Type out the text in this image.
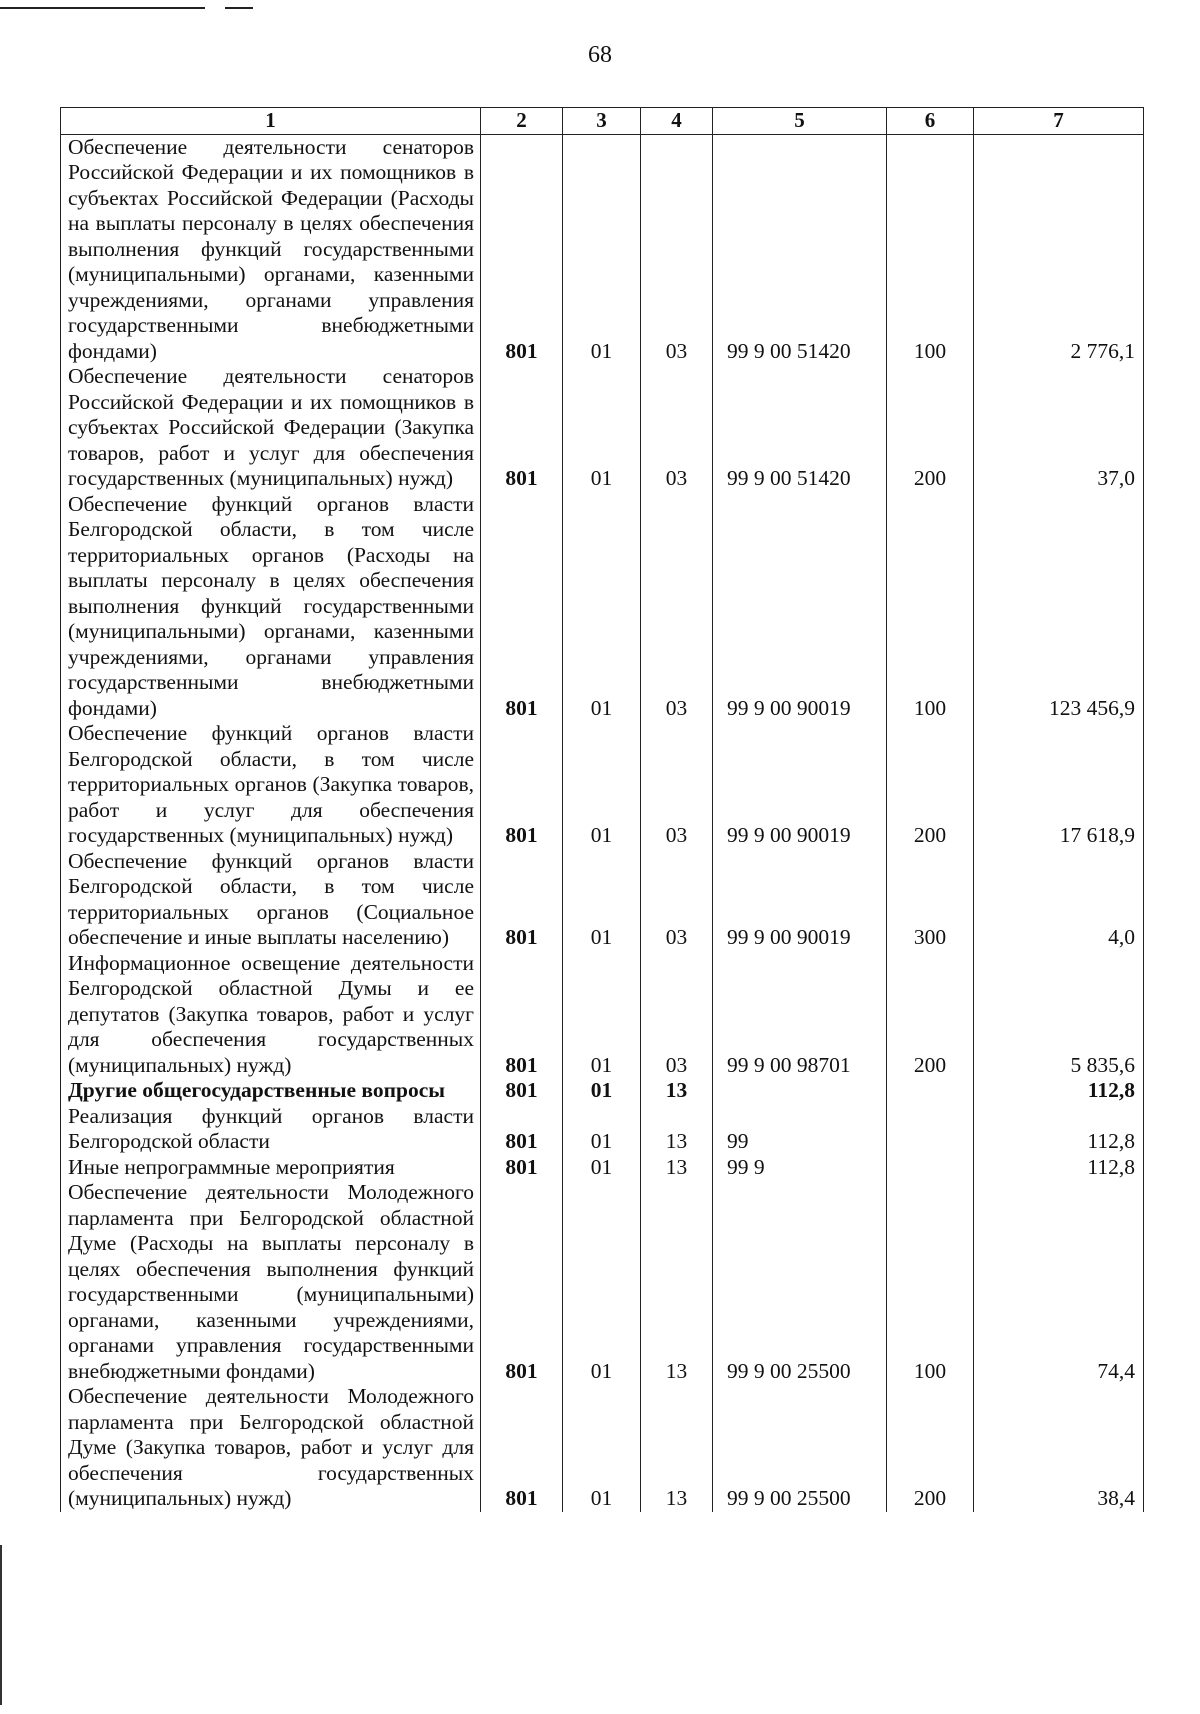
68
1	2	3	4	5	6	7
Обеспечение деятельности сенаторов Российской Федерации и их помощников в субъектах Российской Федерации (Расходы на выплаты персоналу в целях обеспечения выполнения функций государственными (муниципальными) органами, казенными учреждениями, органами управления государственными внебюджетными фондами)	801	01	03	99 9 00 51420	100	2 776,1
Обеспечение деятельности сенаторов Российской Федерации и их помощников в субъектах Российской Федерации (Закупка товаров, работ и услуг для обеспечения государственных (муниципальных) нужд)	801	01	03	99 9 00 51420	200	37,0
Обеспечение функций органов власти Белгородской области, в том числе территориальных органов (Расходы на выплаты персоналу в целях обеспечения выполнения функций государственными (муниципальными) органами, казенными учреждениями, органами управления государственными внебюджетными фондами)	801	01	03	99 9 00 90019	100	123 456,9
Обеспечение функций органов власти Белгородской области, в том числе территориальных органов (Закупка товаров, работ и услуг для обеспечения государственных (муниципальных) нужд)	801	01	03	99 9 00 90019	200	17 618,9
Обеспечение функций органов власти Белгородской области, в том числе территориальных органов (Социальное обеспечение и иные выплаты населению)	801	01	03	99 9 00 90019	300	4,0
Информационное освещение деятельности Белгородской областной Думы и ее депутатов (Закупка товаров, работ и услуг для обеспечения государственных (муниципальных) нужд)	801	01	03	99 9 00 98701	200	5 835,6
Другие общегосударственные вопросы	801	01	13			112,8
Реализация функций органов власти Белгородской области	801	01	13	99		112,8
Иные непрограммные мероприятия	801	01	13	99 9		112,8
Обеспечение деятельности Молодежного парламента при Белгородской областной Думе (Расходы на выплаты персоналу в целях обеспечения выполнения функций государственными (муниципальными) органами, казенными учреждениями, органами управления государственными внебюджетными фондами)	801	01	13	99 9 00 25500	100	74,4
Обеспечение деятельности Молодежного парламента при Белгородской областной Думе (Закупка товаров, работ и услуг для обеспечения государственных (муниципальных) нужд)	801	01	13	99 9 00 25500	200	38,4
